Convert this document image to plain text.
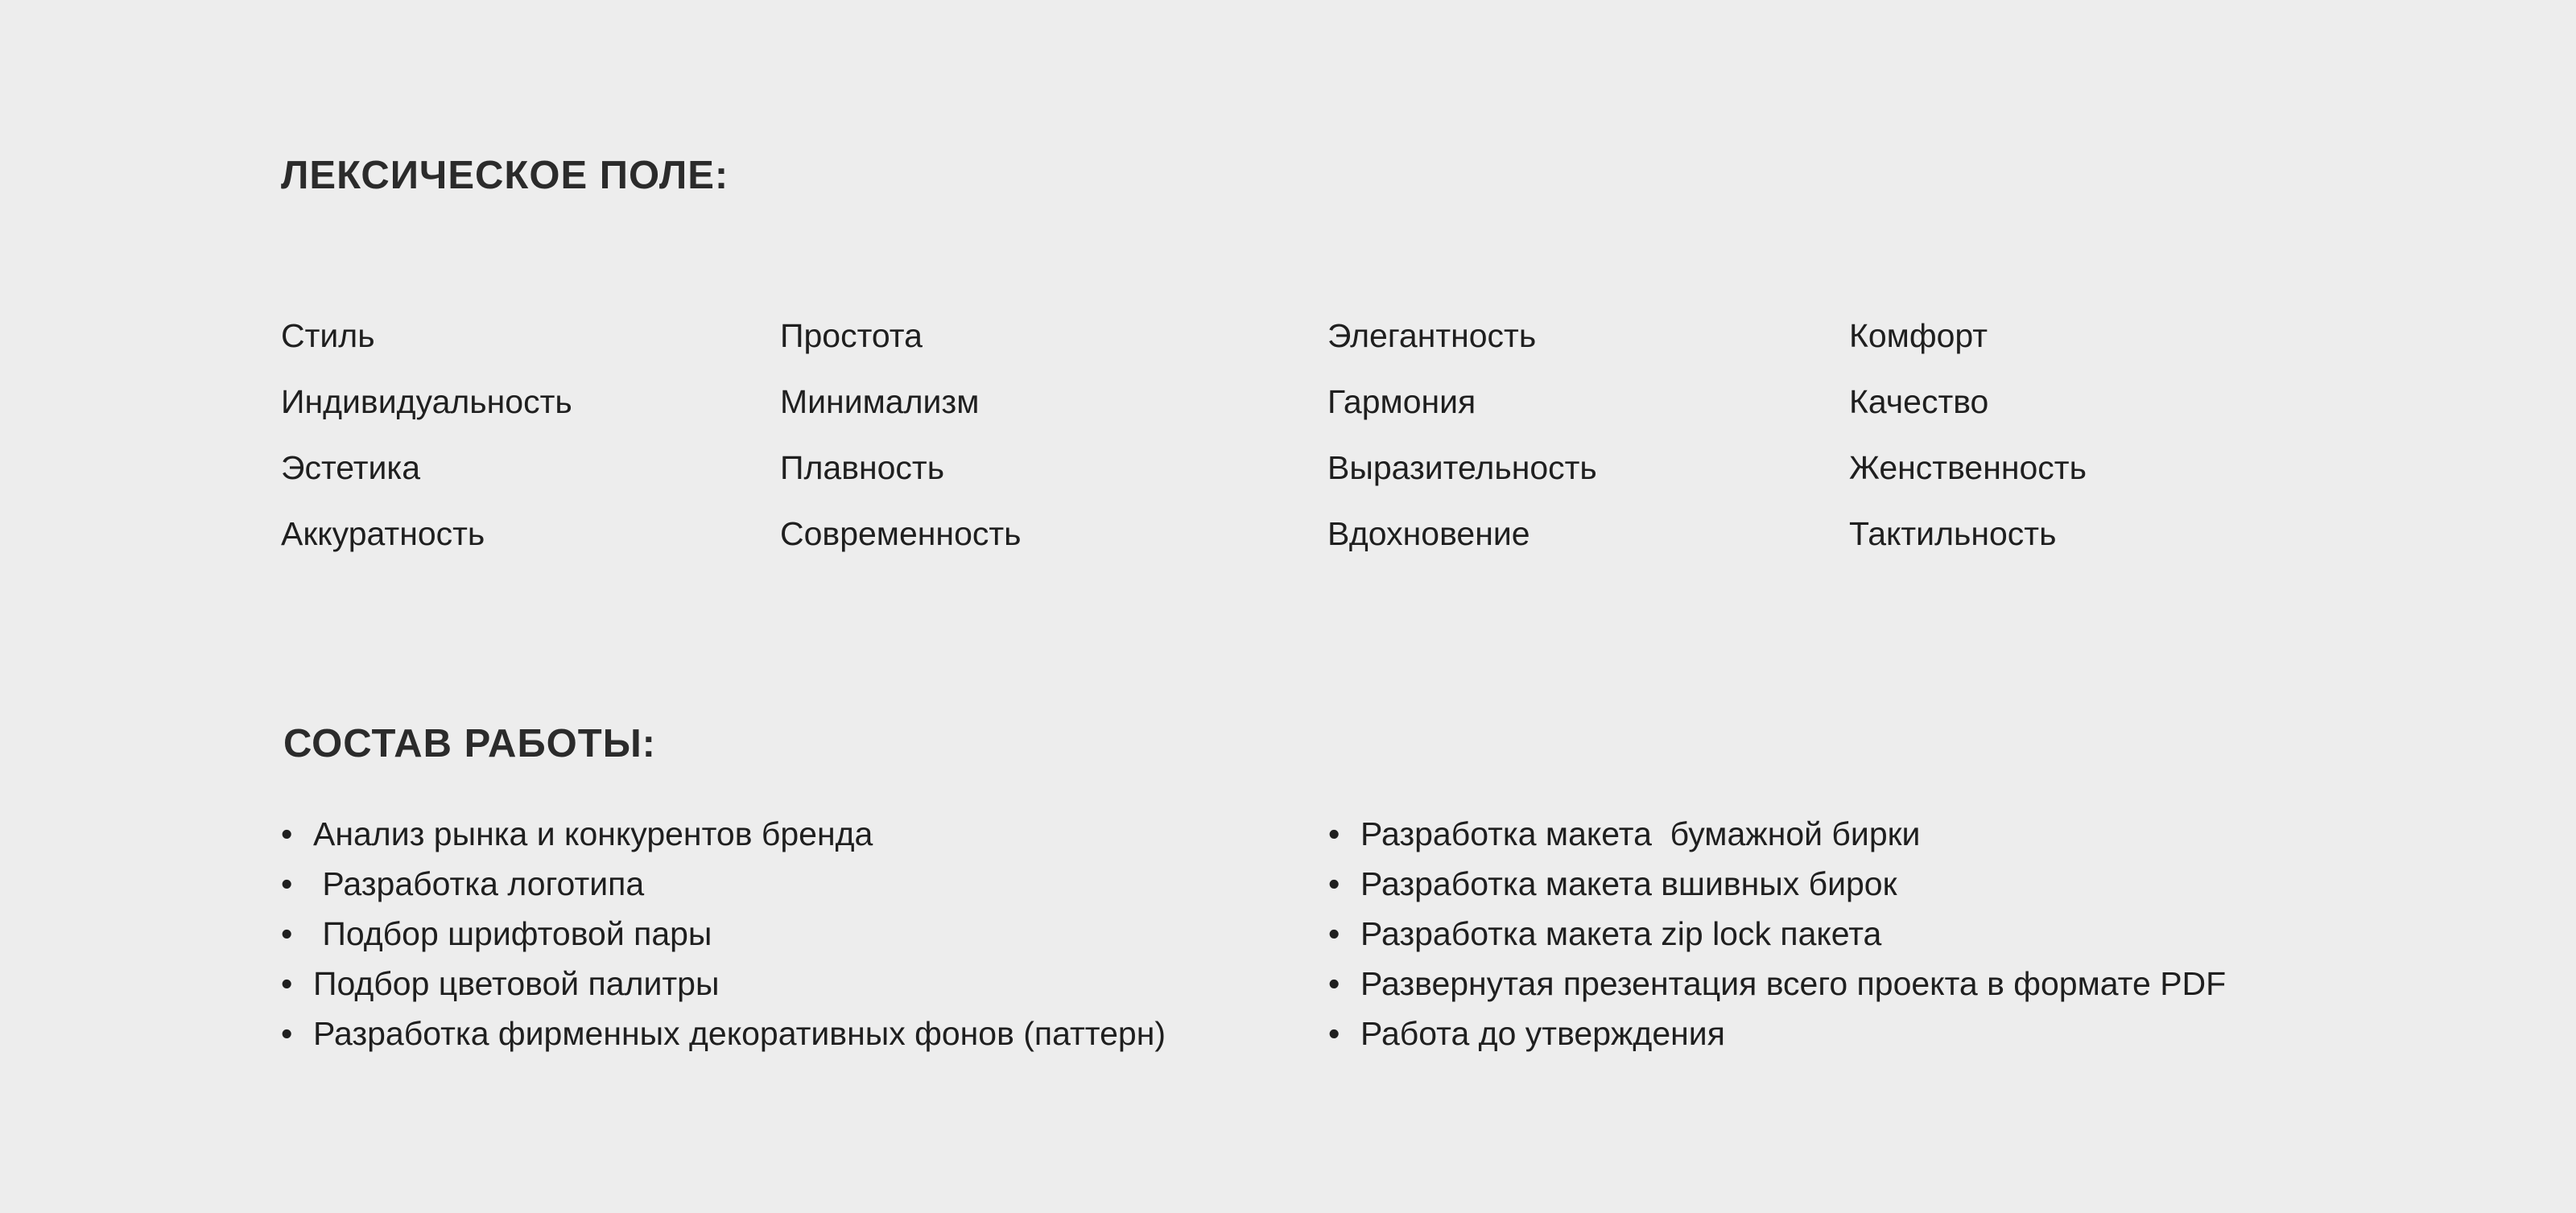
ЛЕКСИЧЕСКОЕ ПОЛЕ:
Стиль
Индивидуальность
Эстетика
Аккуратность
Простота
Минимализм
Плавность
Современность
Элегантность
Гармония
Выразительность
Вдохновение
Комфорт
Качество
Женственность
Тактильность
СОСТАВ РАБОТЫ:
• Анализ рынка и конкурентов бренда
• Разработка логотипа
• Подбор шрифтовой пары
• Подбор цветовой палитры
• Разработка фирменных декоративных фонов (паттерн)
• Разработка макета  бумажной бирки
• Разработка макета вшивных бирок
• Разработка макета zip lock пакета
• Развернутая презентация всего проекта в формате PDF
• Работа до утверждения
